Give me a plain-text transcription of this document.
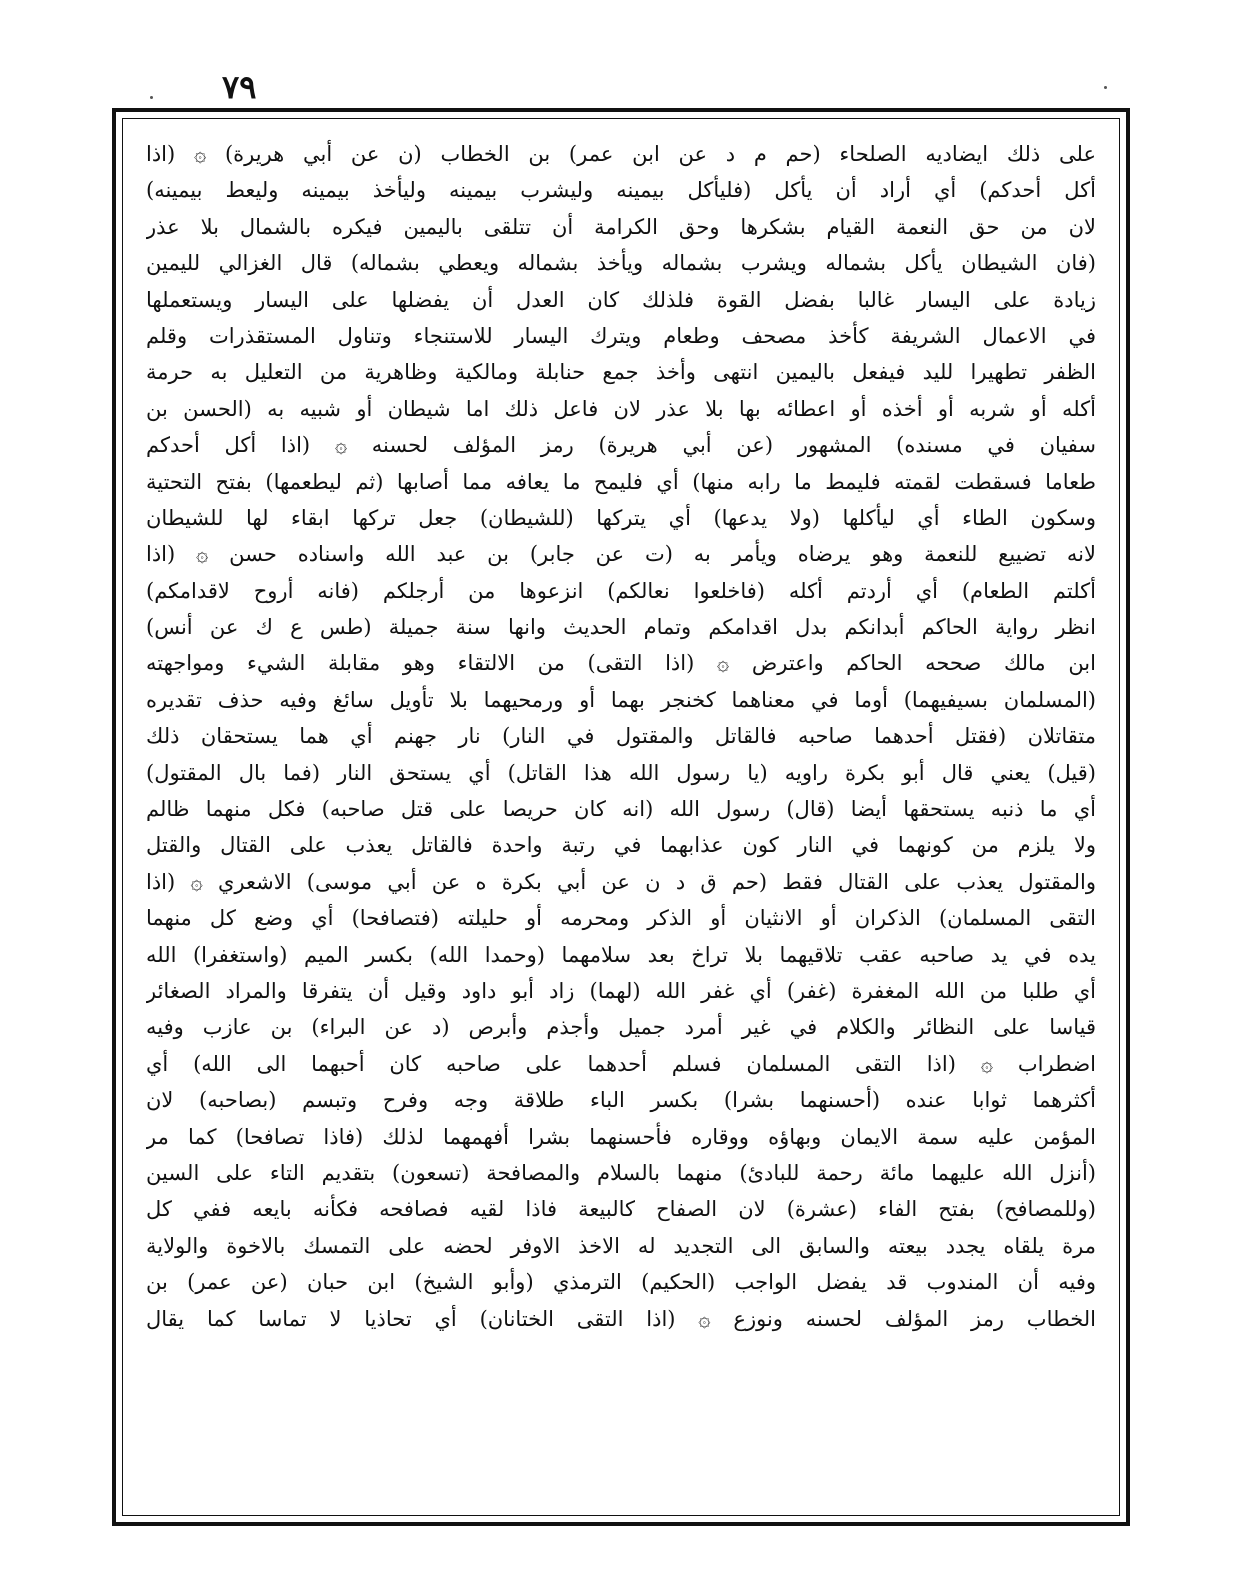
٧٩
على ذلك ايضاديه الصلحاء (حم م د عن ابن عمر) بن الخطاب (ن عن أبي هريرة) ۞ (اذا
أكل أحدكم) أي أراد أن يأكل (فليأكل بيمينه وليشرب بيمينه وليأخذ بيمينه وليعط بيمينه)
لان من حق النعمة القيام بشكرها وحق الكرامة أن تتلقى باليمين فيكره بالشمال بلا عذر
(فان الشيطان يأكل بشماله ويشرب بشماله ويأخذ بشماله ويعطي بشماله) قال الغزالي لليمين
زيادة على اليسار غالبا بفضل القوة فلذلك كان العدل أن يفضلها على اليسار ويستعملها
في الاعمال الشريفة كأخذ مصحف وطعام ويترك اليسار للاستنجاء وتناول المستقذرات وقلم
الظفر تطهيرا لليد فيفعل باليمين انتهى وأخذ جمع حنابلة ومالكية وظاهرية من التعليل به حرمة
أكله أو شربه أو أخذه أو اعطائه بها بلا عذر لان فاعل ذلك اما شيطان أو شبيه به (الحسن بن
سفيان في مسنده) المشهور (عن أبي هريرة) رمز المؤلف لحسنه ۞ (اذا أكل أحدكم
طعاما فسقطت لقمته فليمط ما رابه منها) أي فليمح ما يعافه مما أصابها (ثم ليطعمها) بفتح التحتية
وسكون الطاء أي ليأكلها (ولا يدعها) أي يتركها (للشيطان) جعل تركها ابقاء لها للشيطان
لانه تضييع للنعمة وهو يرضاه ويأمر به (ت عن جابر) بن عبد الله واسناده حسن ۞ (اذا
أكلتم الطعام) أي أردتم أكله (فاخلعوا نعالكم) انزعوها من أرجلكم (فانه أروح لاقدامكم)
انظر رواية الحاكم أبدانكم بدل اقدامكم وتمام الحديث وانها سنة جميلة (طس ع ك عن أنس)
ابن مالك صححه الحاكم واعترض ۞ (اذا التقى) من الالتقاء وهو مقابلة الشيء ومواجهته
(المسلمان بسيفيهما) أوما في معناهما كخنجر بهما أو ورمحيهما بلا تأويل سائغ وفيه حذف تقديره
متقاتلان (فقتل أحدهما صاحبه فالقاتل والمقتول في النار) نار جهنم أي هما يستحقان ذلك
(قيل) يعني قال أبو بكرة راويه (يا رسول الله هذا القاتل) أي يستحق النار (فما بال المقتول)
أي ما ذنبه يستحقها أيضا (قال) رسول الله (انه كان حريصا على قتل صاحبه) فكل منهما ظالم
ولا يلزم من كونهما في النار كون عذابهما في رتبة واحدة فالقاتل يعذب على القتال والقتل
والمقتول يعذب على القتال فقط (حم ق د ن عن أبي بكرة ه عن أبي موسى) الاشعري ۞ (اذا
التقى المسلمان) الذكران أو الانثيان أو الذكر ومحرمه أو حليلته (فتصافحا) أي وضع كل منهما
يده في يد صاحبه عقب تلاقيهما بلا تراخ بعد سلامهما (وحمدا الله) بكسر الميم (واستغفرا) الله
أي طلبا من الله المغفرة (غفر) أي غفر الله (لهما) زاد أبو داود وقيل أن يتفرقا والمراد الصغائر
قياسا على النظائر والكلام في غير أمرد جميل وأجذم وأبرص (د عن البراء) بن عازب وفيه
اضطراب ۞ (اذا التقى المسلمان فسلم أحدهما على صاحبه كان أحبهما الى الله) أي
أكثرهما ثوابا عنده (أحسنهما بشرا) بكسر الباء طلاقة وجه وفرح وتبسم (بصاحبه) لان
المؤمن عليه سمة الايمان وبهاؤه ووقاره فأحسنهما بشرا أفهمهما لذلك (فاذا تصافحا) كما مر
(أنزل الله عليهما مائة رحمة للبادئ) منهما بالسلام والمصافحة (تسعون) بتقديم التاء على السين
(وللمصافح) بفتح الفاء (عشرة) لان الصفاح كالبيعة فاذا لقيه فصافحه فكأنه بايعه ففي كل
مرة يلقاه يجدد بيعته والسابق الى التجديد له الاخذ الاوفر لحضه على التمسك بالاخوة والولاية
وفيه أن المندوب قد يفضل الواجب (الحكيم) الترمذي (وأبو الشيخ) ابن حبان (عن عمر) بن
الخطاب رمز المؤلف لحسنه ونوزع ۞ (اذا التقى الختانان) أي تحاذيا لا تماسا كما يقال
